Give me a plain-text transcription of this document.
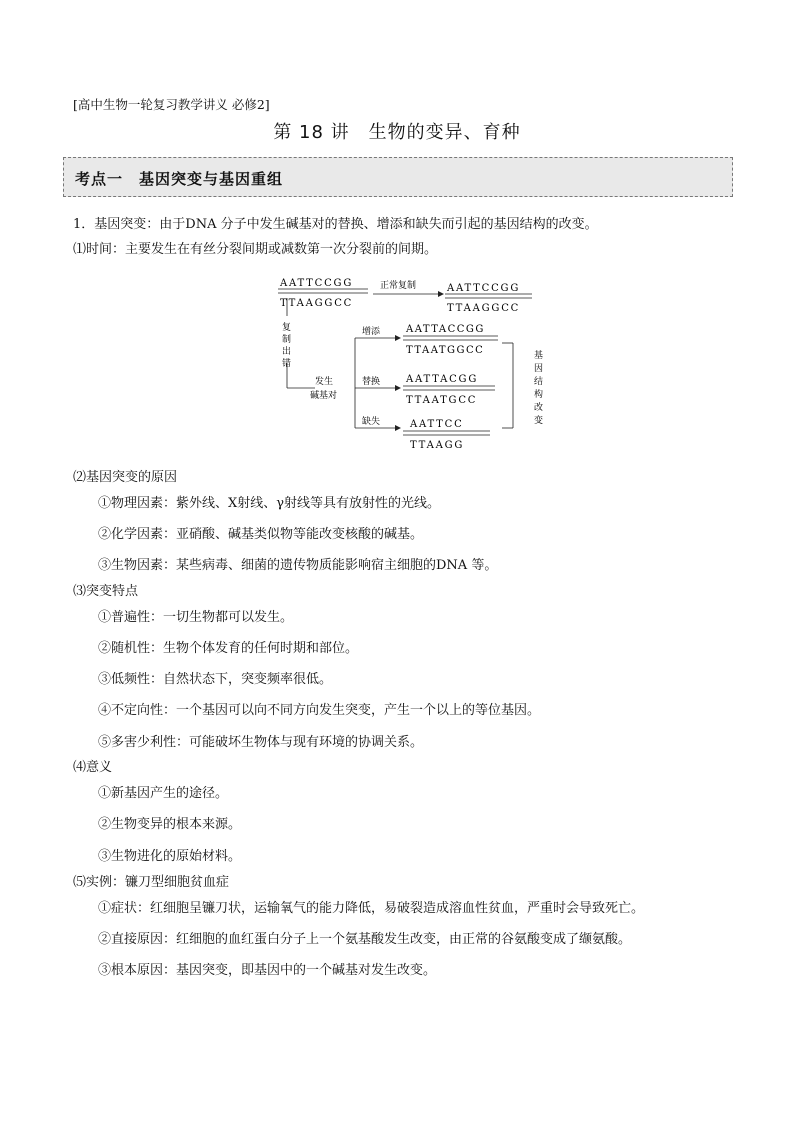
[高中生物一轮复习教学讲义 必修2]
第 18 讲　生物的变异、育种
考点一　基因突变与基因重组
1．基因突变：由于DNA 分子中发生碱基对的替换、增添和缺失而引起的基因结构的改变。
⑴时间：主要发生在有丝分裂间期或减数第一次分裂前的间期。
AATTCCGG
TTAAGGCC
正常复制	AATTCCGG
TTAAGGCC
复
制
出
错
发生
碱基对
增添	AATTACCGG
TTAATGGCC
替换	AATTACGG
TTAATGCC
缺失	AATTCC
TTAAGG
基
因
结
构
改
变
⑵基因突变的原因
①物理因素：紫外线、X射线、γ射线等具有放射性的光线。
②化学因素：亚硝酸、碱基类似物等能改变核酸的碱基。
③生物因素：某些病毒、细菌的遗传物质能影响宿主细胞的DNA 等。
⑶突变特点
①普遍性：一切生物都可以发生。
②随机性：生物个体发育的任何时期和部位。
③低频性：自然状态下，突变频率很低。
④不定向性：一个基因可以向不同方向发生突变，产生一个以上的等位基因。
⑤多害少利性：可能破坏生物体与现有环境的协调关系。
⑷意义
①新基因产生的途径。
②生物变异的根本来源。
③生物进化的原始材料。
⑸实例：镰刀型细胞贫血症
①症状：红细胞呈镰刀状，运输氧气的能力降低，易破裂造成溶血性贫血，严重时会导致死亡。
②直接原因：红细胞的血红蛋白分子上一个氨基酸发生改变，由正常的谷氨酸变成了缬氨酸。
③根本原因：基因突变，即基因中的一个碱基对发生改变。
